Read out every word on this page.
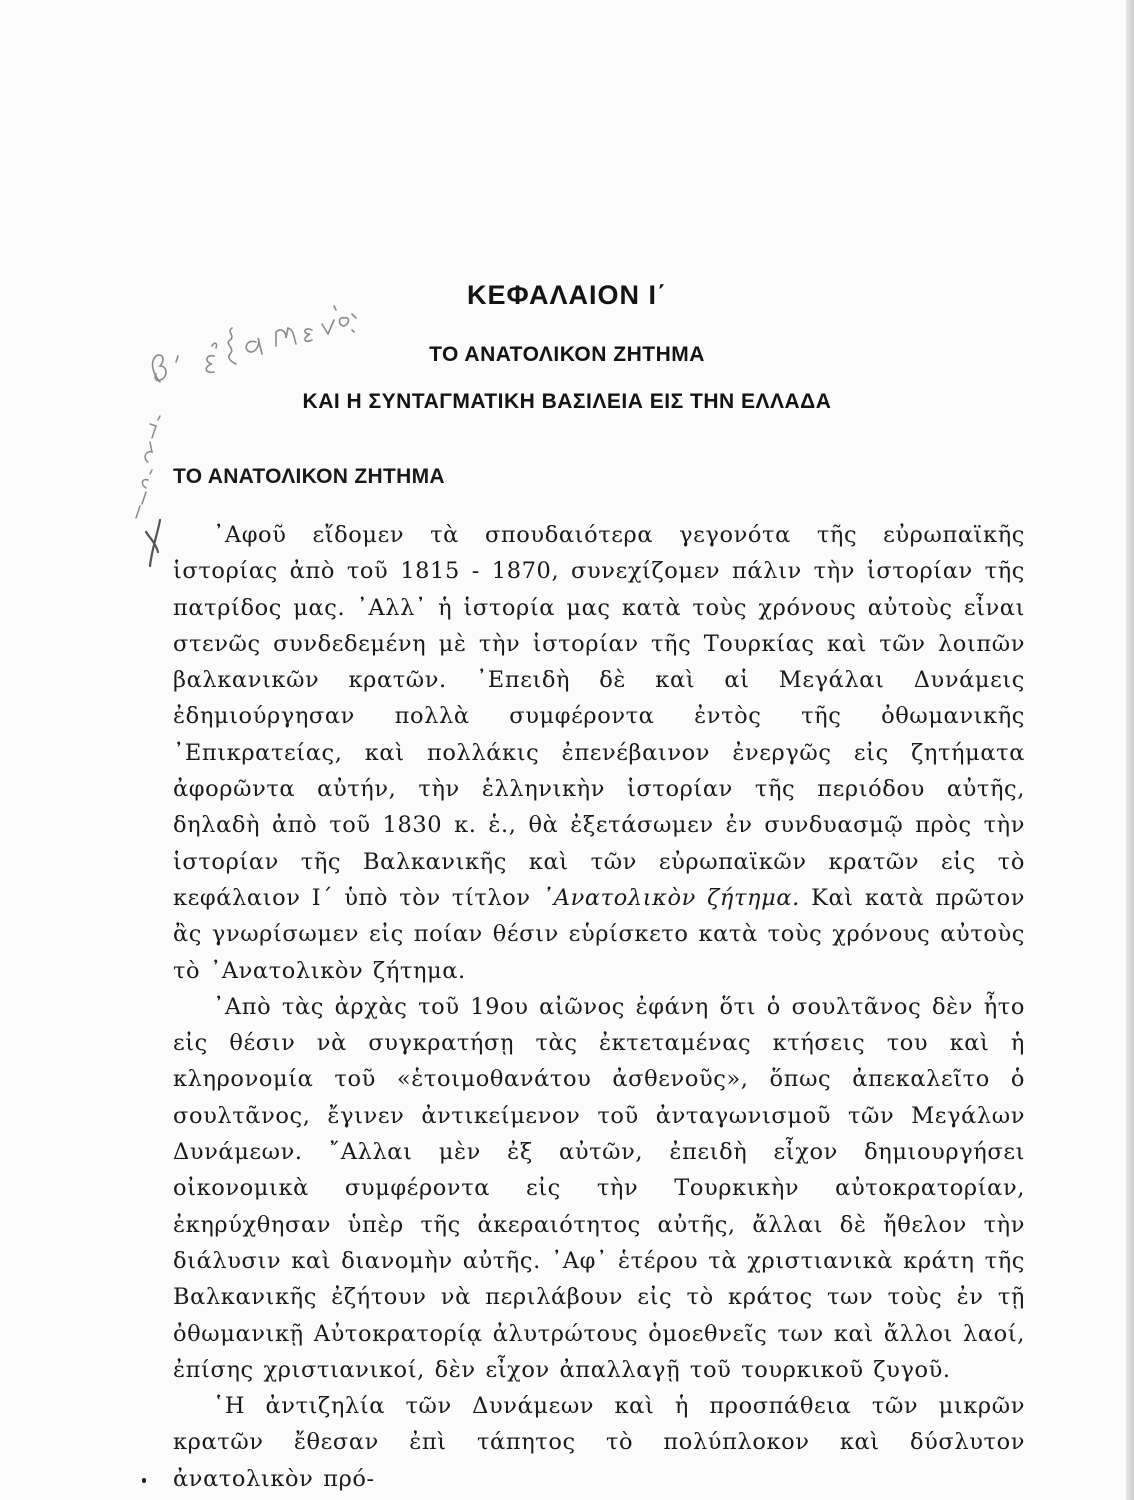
ΚΕΦΑΛΑΙΟΝ Ι΄
ΤΟ ΑΝΑΤΟΛΙΚΟΝ ΖΗΤΗΜΑ
ΚΑΙ Η ΣΥΝΤΑΓΜΑΤΙΚΗ ΒΑΣΙΛΕΙΑ ΕΙΣ ΤΗΝ ΕΛΛΑΔΑ
ΤΟ ΑΝΑΤΟΛΙΚΟΝ ΖΗΤΗΜΑ

᾿Αφοῦ εἴδομεν τὰ σπουδαιότερα γεγονότα τῆς εὐρωπαϊκῆς ἱστορίας ἀπὸ τοῦ 1815 - 1870, συνεχίζομεν πάλιν τὴν ἱστορίαν τῆς πατρίδος μας. ᾿Αλλ᾿ ἡ ἱστορία μας κατὰ τοὺς χρόνους αὐτοὺς εἶναι στενῶς συνδεδεμένη μὲ τὴν ἱστορίαν τῆς Τουρκίας καὶ τῶν λοιπῶν βαλκανικῶν κρατῶν. ᾿Επειδὴ δὲ καὶ αἱ Μεγάλαι Δυνάμεις ἐδημιούργησαν πολλὰ συμφέροντα ἐντὸς τῆς ὀθωμανικῆς ᾿Επικρατείας, καὶ πολλάκις ἐπενέβαινον ἐνεργῶς εἰς ζητήματα ἀφορῶντα αὐτήν, τὴν ἑλληνικὴν ἱστορίαν τῆς περιόδου αὐτῆς, δηλαδὴ ἀπὸ τοῦ 1830 κ. ἑ., θὰ ἐξετάσωμεν ἐν συνδυασμῷ πρὸς τὴν ἱστορίαν τῆς Βαλκανικῆς καὶ τῶν εὐρωπαϊκῶν κρατῶν εἰς τὸ κεφάλαιον Ι΄ ὑπὸ τὸν τίτλον ᾿Ανατολικὸν ζήτημα. Καὶ κατὰ πρῶτον ἂς γνωρίσωμεν εἰς ποίαν θέσιν εὑρίσκετο κατὰ τοὺς χρόνους αὐτοὺς τὸ ᾿Ανατολικὸν ζήτημα.

᾿Απὸ τὰς ἀρχὰς τοῦ 19ου αἰῶνος ἐφάνη ὅτι ὁ σουλτᾶνος δὲν ἦτο εἰς θέσιν νὰ συγκρατήσῃ τὰς ἐκτεταμένας κτήσεις του καὶ ἡ κληρονομία τοῦ «ἑτοιμοθανάτου ἀσθενοῦς», ὅπως ἀπεκαλεῖτο ὁ σουλτᾶνος, ἔγινεν ἀντικείμενον τοῦ ἀνταγωνισμοῦ τῶν Μεγάλων Δυνάμεων. ῎Αλλαι μὲν ἐξ αὐτῶν, ἐπειδὴ εἶχον δημιουργήσει οἰκονομικὰ συμφέροντα εἰς τὴν Τουρκικὴν αὐτοκρατορίαν, ἐκηρύχθησαν ὑπὲρ τῆς ἀκεραιότητος αὐτῆς, ἄλλαι δὲ ἤθελον τὴν διάλυσιν καὶ διανομὴν αὐτῆς. ᾿Αφ᾿ ἑτέρου τὰ χριστιανικὰ κράτη τῆς Βαλκανικῆς ἐζήτουν νὰ περιλάβουν εἰς τὸ κράτος των τοὺς ἐν τῇ ὀθωμανικῇ Αὐτοκρατορίᾳ ἀλυτρώτους ὁμοεθνεῖς των καὶ ἄλλοι λαοί, ἐπίσης χριστιανικοί, δὲν εἶχον ἀπαλλαγῇ τοῦ τουρκικοῦ ζυγοῦ.

῾Η ἀντιζηλία τῶν Δυνάμεων καὶ ἡ προσπάθεια τῶν μικρῶν κρατῶν ἔθεσαν ἐπὶ τάπητος τὸ πολύπλοκον καὶ δύσλυτον ἀνατολικὸν πρό-
